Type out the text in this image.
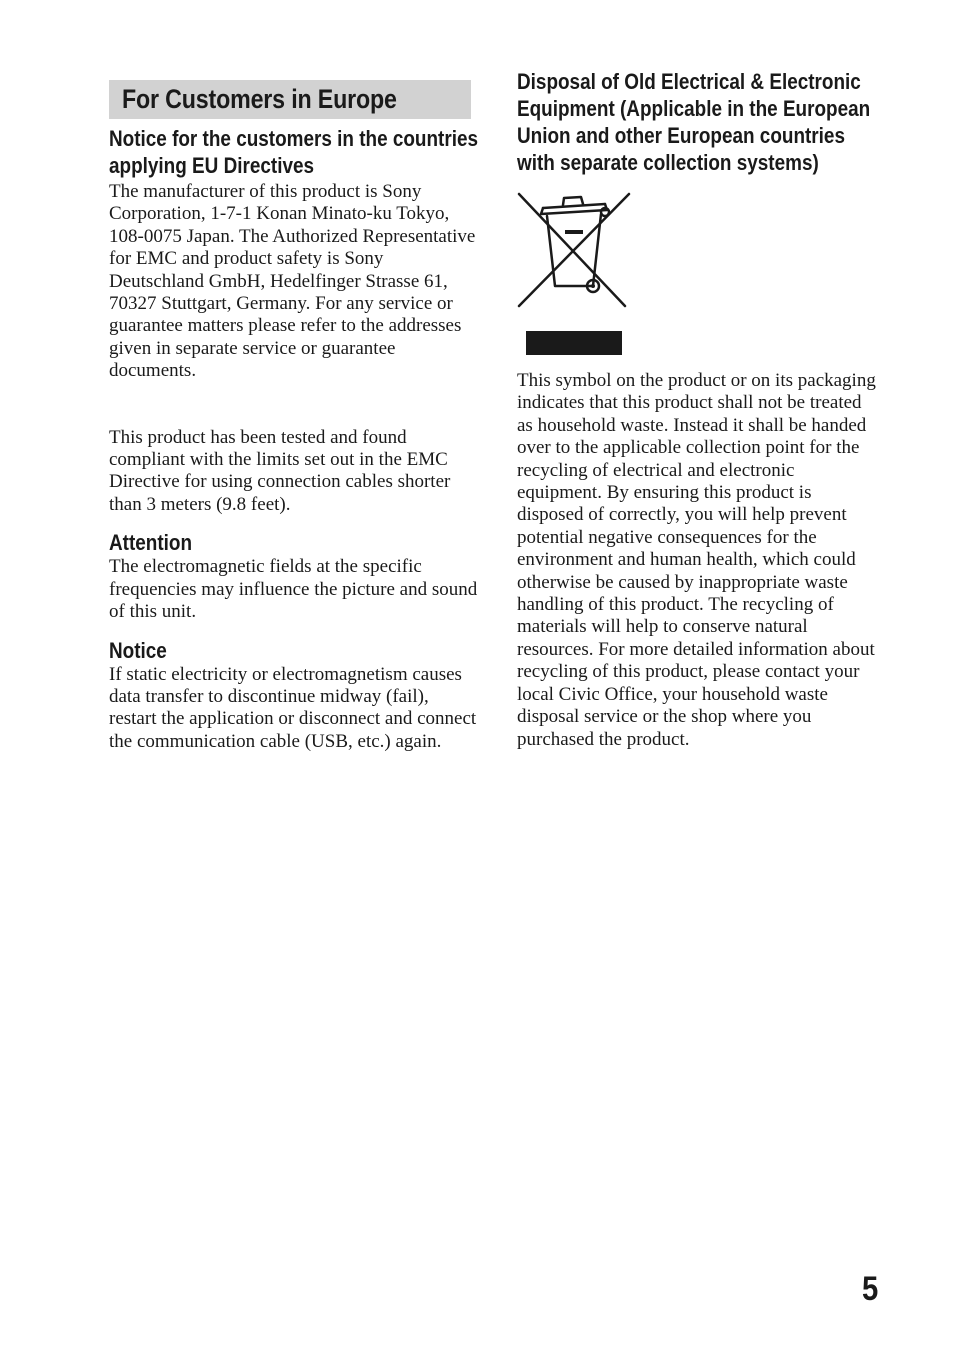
For Customers in Europe
Notice for the customers in the countries applying EU Directives

The manufacturer of this product is Sony Corporation, 1-7-1 Konan Minato-ku Tokyo, 108-0075 Japan. The Authorized Representative for EMC and product safety is Sony Deutschland GmbH, Hedelfinger Strasse 61, 70327 Stuttgart, Germany. For any service or guarantee matters please refer to the addresses given in separate service or guarantee documents.

This product has been tested and found compliant with the limits set out in the EMC Directive for using connection cables shorter than 3 meters (9.8 feet).

Attention

The electromagnetic fields at the specific frequencies may influence the picture and sound of this unit.

Notice

If static electricity or electromagnetism causes data transfer to discontinue midway (fail), restart the application or disconnect and connect the communication cable (USB, etc.) again.

Disposal of Old Electrical & Electronic Equipment (Applicable in the European Union and other European countries with separate collection systems)

This symbol on the product or on its packaging indicates that this product shall not be treated as household waste. Instead it shall be handed over to the applicable collection point for the recycling of electrical and electronic equipment. By ensuring this product is disposed of correctly, you will help prevent potential negative consequences for the environment and human health, which could otherwise be caused by inappropriate waste handling of this product. The recycling of materials will help to conserve natural resources. For more detailed information about recycling of this product, please contact your local Civic Office, your household waste disposal service or the shop where you purchased the product.

5
